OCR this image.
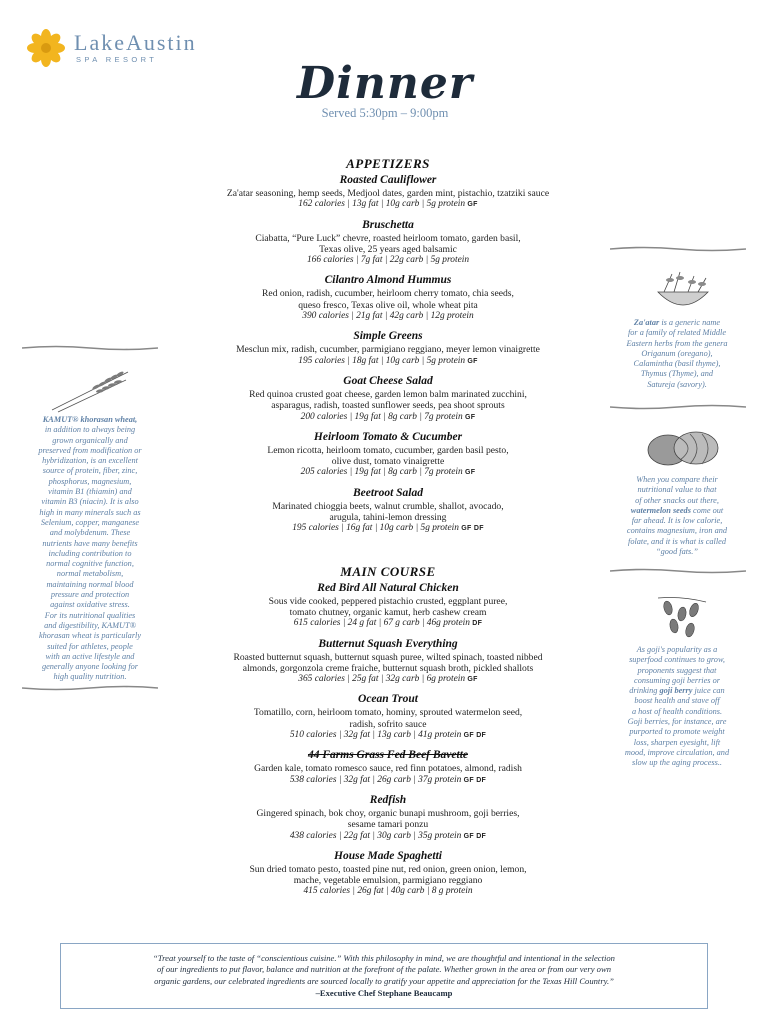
LakeAustin
SPA RESORT	Dinner
Served 5:30pm – 9:00pm
APPETIZERS
Roasted Cauliflower
Za'atar seasoning, hemp seeds, Medjool dates, garden mint, pistachio, tzatziki sauce
162 calories | 13g fat | 10g carb | 5g protein GF
Bruschetta
Ciabatta, “Pure Luck” chevre, roasted heirloom tomato, garden basil,
Texas olive, 25 years aged balsamic
166 calories | 7g fat | 22g carb | 5g protein
Cilantro Almond Hummus
Red onion, radish, cucumber, heirloom cherry tomato, chia seeds,
queso fresco, Texas olive oil, whole wheat pita
390 calories | 21g fat | 42g carb | 12g protein
Simple Greens
Mesclun mix, radish, cucumber, parmigiano reggiano, meyer lemon vinaigrette
195 calories | 18g fat | 10g carb | 5g protein GF
Goat Cheese Salad
Red quinoa crusted goat cheese, garden lemon balm marinated zucchini,
asparagus, radish, toasted sunflower seeds, pea shoot sprouts
200 calories | 19g fat | 8g carb | 7g protein GF
Heirloom Tomato & Cucumber
Lemon ricotta, heirloom tomato, cucumber, garden basil pesto,
olive dust, tomato vinaigrette
205 calories | 19g fat | 8g carb | 7g protein GF
Beetroot Salad
Marinated chioggia beets, walnut crumble, shallot, avocado,
arugula, tahini-lemon dressing
195 calories | 16g fat | 10g carb | 5g protein GF DF
MAIN COURSE
Red Bird All Natural Chicken
Sous vide cooked, peppered pistachio crusted, eggplant puree,
tomato chutney, organic kamut, herb cashew cream
615 calories | 24 g fat | 67 g carb | 46g protein DF
Butternut Squash Everything
Roasted butternut squash, butternut squash puree, wilted spinach, toasted nibbed
almonds, gorgonzola creme fraiche, butternut squash broth, pickled shallots
365 calories | 25g fat | 32g carb | 6g protein GF
Ocean Trout
Tomatillo, corn, heirloom tomato, hominy, sprouted watermelon seed,
radish, sofrito sauce
510 calories | 32g fat | 13g carb | 41g protein GF DF
44 Farms Grass Fed Beef Bavette
Garden kale, tomato romesco sauce, red finn potatoes, almond, radish
538 calories | 32g fat | 26g carb | 37g protein GF DF
Redfish
Gingered spinach, bok choy, organic bunapi mushroom, goji berries,
sesame tamari ponzu
438 calories | 22g fat | 30g carb | 35g protein GF DF
House Made Spaghetti
Sun dried tomato pesto, toasted pine nut, red onion, green onion, lemon,
mache, vegetable emulsion, parmigiano reggiano
415 calories | 26g fat | 40g carb | 8 g protein
KAMUT® khorasan wheat,
in addition to always being
grown organically and
preserved from modification or
hybridization, is an excellent
source of protein, fiber, zinc,
phosphorus, magnesium,
vitamin B1 (thiamin) and
vitamin B3 (niacin). It is also
high in many minerals such as
Selenium, copper, manganese
and molybdenum. These
nutrients have many benefits
including contribution to
normal cognitive function,
normal metabolism,
maintaining normal blood
pressure and protection
against oxidative stress.
For its nutritional qualities
and digestibility, KAMUT®
khorasan wheat is particularly
suited for athletes, people
with an active lifestyle and
generally anyone looking for
high quality nutrition.
Za'atar is a generic name
for a family of related Middle
Eastern herbs from the genera
Origanum (oregano),
Calamintha (basil thyme),
Thymus (Thyme), and
Satureja (savory).
When you compare their
nutritional value to that
of other snacks out there,
watermelon seeds come out
far ahead. It is low calorie,
contains magnesium, iron and
folate, and it is what is called
“good fats.”
As goji's popularity as a
superfood continues to grow,
proponents suggest that
consuming goji berries or
drinking goji berry juice can
boost health and stave off
a host of health conditions.
Goji berries, for instance, are
purported to promote weight
loss, sharpen eyesight, lift
mood, improve circulation, and
slow up the aging process..
“Treat yourself to the taste of “conscientious cuisine.” With this philosophy in mind, we are thoughtful and intentional in the selection
of our ingredients to put flavor, balance and nutrition at the forefront of the palate. Whether grown in the area or from our very own
organic gardens, our celebrated ingredients are sourced locally to gratify your appetite and appreciation for the Texas Hill Country.”
–Executive Chef Stephane Beaucamp
